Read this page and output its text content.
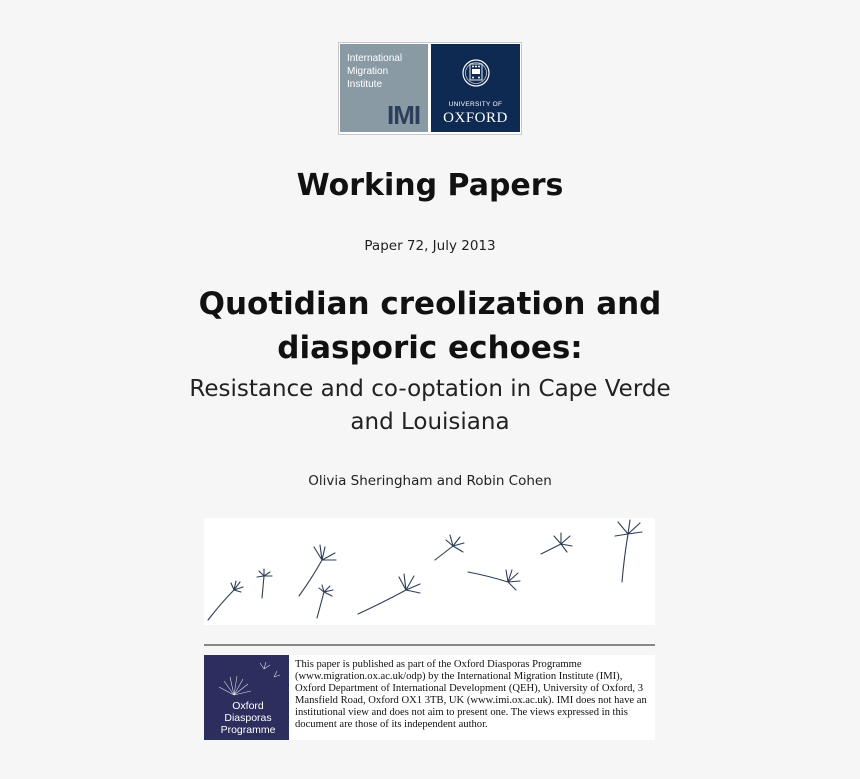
International
Migration
Institute
IMI	UNIVERSITY OF
OXFORD
Working Papers
Paper 72, July 2013
Quotidian creolization and diasporic echoes:
Resistance and co-optation in Cape Verde and Louisiana
Olivia Sheringham and Robin Cohen
Oxford
Diasporas
Programme

This paper is published as part of the Oxford Diasporas Programme (www.migration.ox.ac.uk/odp) by the International Migration Institute (IMI), Oxford Department of International Development (QEH), University of Oxford, 3 Mansfield Road, Oxford OX1 3TB, UK (www.imi.ox.ac.uk). IMI does not have an institutional view and does not aim to present one. The views expressed in this document are those of its independent author.
